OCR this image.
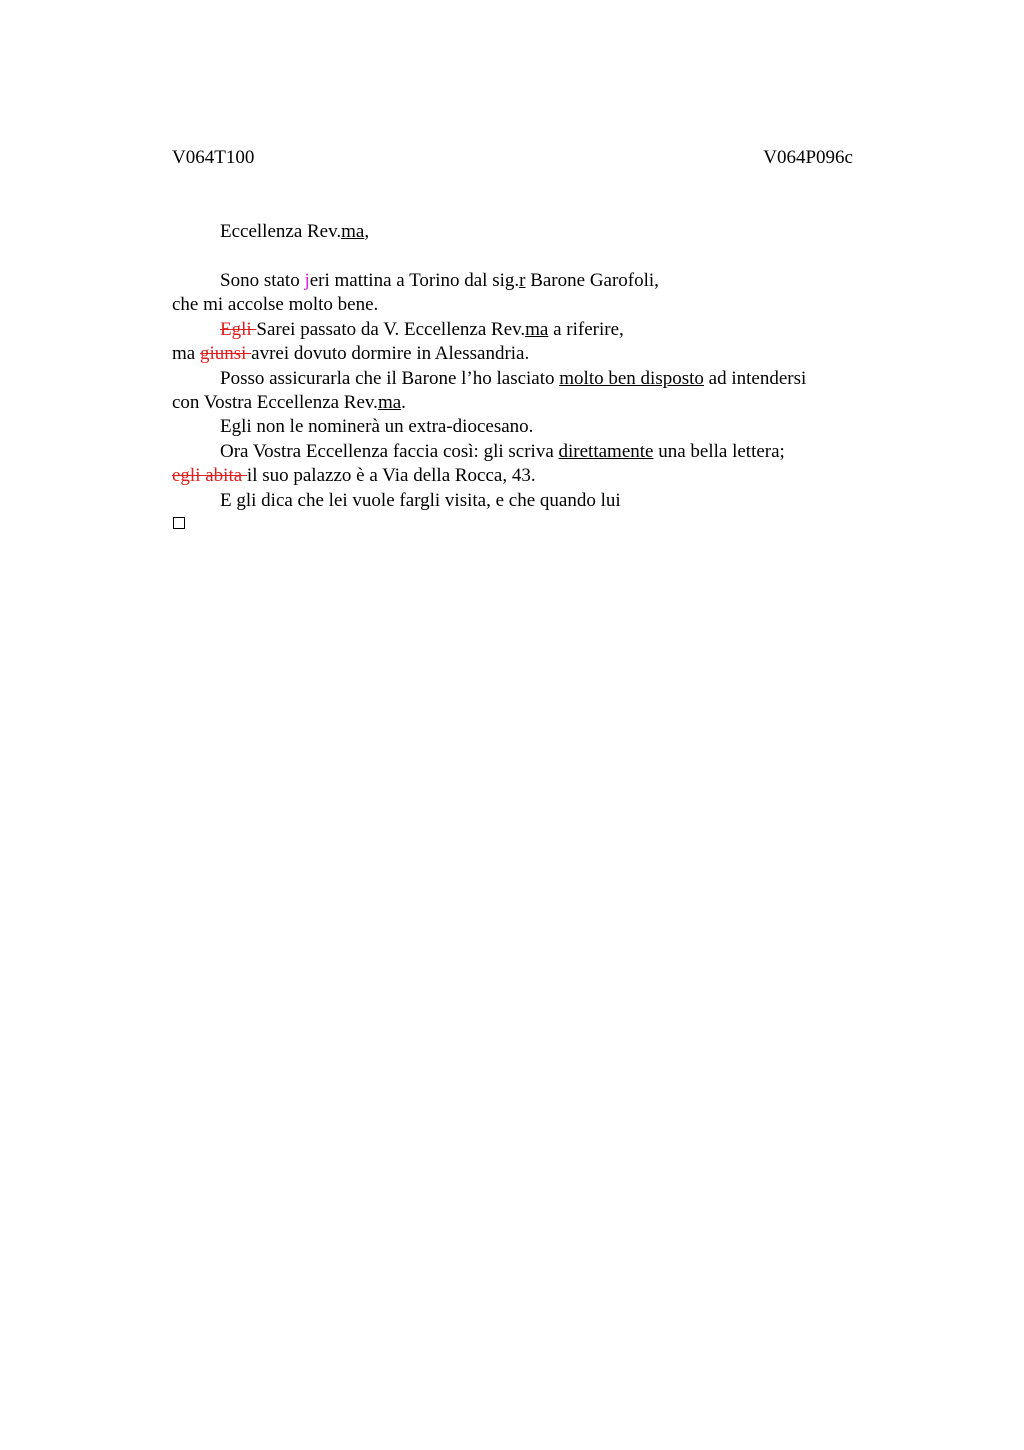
V064T100	V064P096c
Eccellenza Rev.ma,
Sono stato jeri mattina a Torino dal sig.r Barone Garofoli,
che mi accolse molto bene.
Egli Sarei passato da V. Eccellenza Rev.ma a riferire,
ma giunsi avrei dovuto dormire in Alessandria.
Posso assicurarla che il Barone l’ho lasciato molto ben disposto ad intendersi
con Vostra Eccellenza Rev.ma.
Egli non le nominerà un extra-diocesano.
Ora Vostra Eccellenza faccia così: gli scriva direttamente una bella lettera;
egli abita il suo palazzo è a Via della Rocca, 43.
E gli dica che lei vuole fargli visita, e che quando lui
